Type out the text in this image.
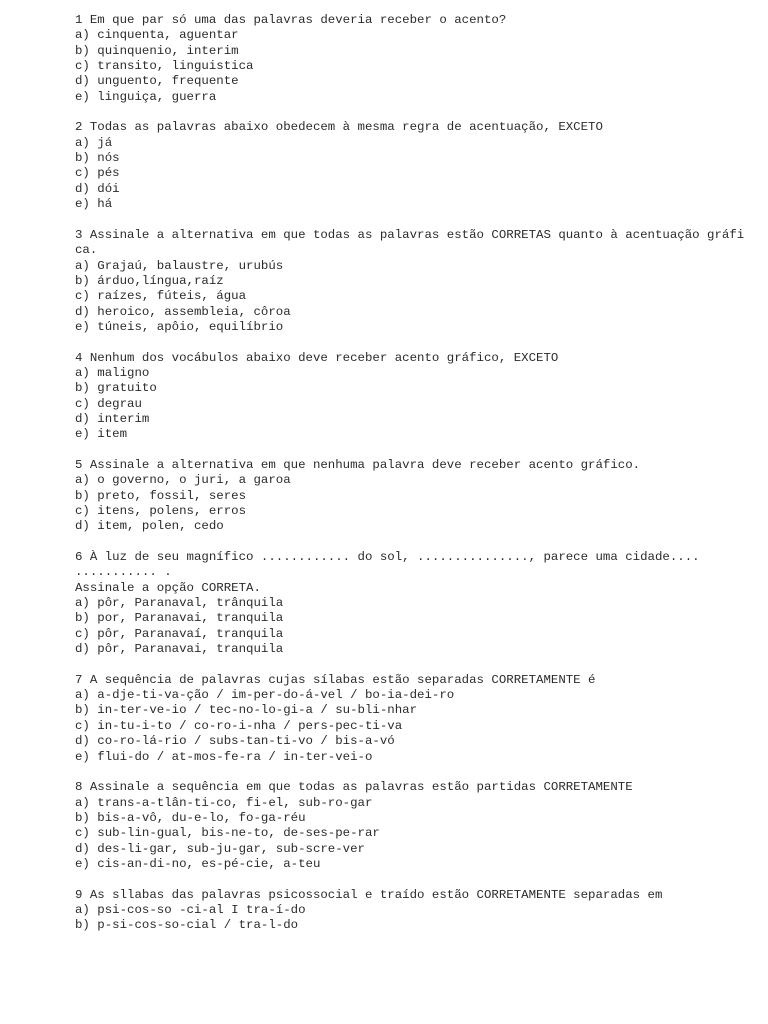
1 Em que par só uma das palavras deveria receber o acento?
a) cinquenta, aguentar
b) quinquenio, interim
c) transito, linguistica
d) unguento, frequente
e) linguiça, guerra
2 Todas as palavras abaixo obedecem à mesma regra de acentuação, EXCETO
a) já
b) nós
c) pés
d) dói
e) há
3 Assinale a alternativa em que todas as palavras estão CORRETAS quanto à acentuação gráfi
ca.
a) Grajaú, balaustre, urubús
b) árduo,língua,raíz
c) raízes, fúteis, água
d) heroico, assembleia, côroa
e) túneis, apôio, equilíbrio
4 Nenhum dos vocábulos abaixo deve receber acento gráfico, EXCETO
a) maligno
b) gratuito
c) degrau
d) interim
e) item
5 Assinale a alternativa em que nenhuma palavra deve receber acento gráfico.
a) o governo, o juri, a garoa
b) preto, fossil, seres
c) itens, polens, erros
d) item, polen, cedo
6 À luz de seu magnífico ............ do sol, ..............., parece uma cidade....
........... .
Assinale a opção CORRETA.
a) pôr, Paranaval, trânquila
b) por, Paranavai, tranquila
c) pôr, Paranavaí, tranquila
d) pôr, Paranavai, tranquila
7 A sequência de palavras cujas sílabas estão separadas CORRETAMENTE é
a) a-dje-ti-va-ção / im-per-do-á-vel / bo-ia-dei-ro
b) in-ter-ve-io / tec-no-lo-gi-a / su-bli-nhar
c) in-tu-i-to / co-ro-i-nha / pers-pec-ti-va
d) co-ro-lá-rio / subs-tan-ti-vo / bis-a-vó
e) flui-do / at-mos-fe-ra / in-ter-vei-o
8 Assinale a sequência em que todas as palavras estão partidas CORRETAMENTE
a) trans-a-tlân-ti-co, fi-el, sub-ro-gar
b) bis-a-vô, du-e-lo, fo-ga-réu
c) sub-lin-gual, bis-ne-to, de-ses-pe-rar
d) des-li-gar, sub-ju-gar, sub-scre-ver
e) cis-an-di-no, es-pé-cie, a-teu
9 As sllabas das palavras psicossocial e traído estão CORRETAMENTE separadas em
a) psi-cos-so -ci-al I tra-í-do
b) p-si-cos-so-cial / tra-l-do
